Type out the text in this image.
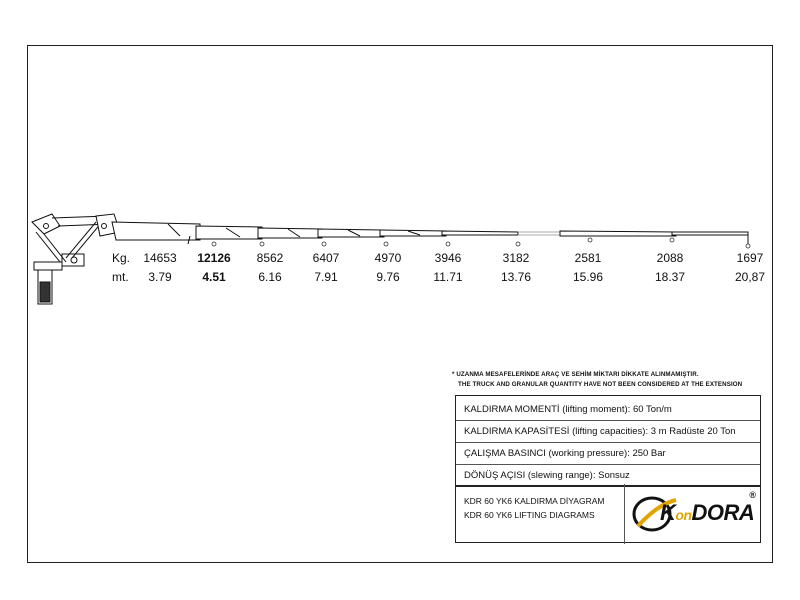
Kg.	14653	12126	8562	6407	4970	3946	3182	2581	2088	1697
mt.	3.79	4.51	6.16	7.91	9.76	11.71	13.76	15.96	18.37	20,87
* UZANMA MESAFELERİNDE ARAÇ VE SEHİM MİKTARI DİKKATE ALINMAMIŞTIR.
THE TRUCK AND GRANULAR QUANTITY HAVE NOT BEEN CONSIDERED AT THE EXTENSION
KALDIRMA MOMENTİ (lifting moment): 60 Ton/m
KALDIRMA KAPASİTESİ (lifting capacities): 3 m Radüste 20 Ton
ÇALIŞMA BASINCI (working pressure): 250 Bar
DÖNÜŞ AÇISI (slewing range): Sonsuz
KDR 60 YK6 KALDIRMA DİYAGRAM
KDR 60 YK6 LIFTING DIAGRAMS	KonDORA
®
